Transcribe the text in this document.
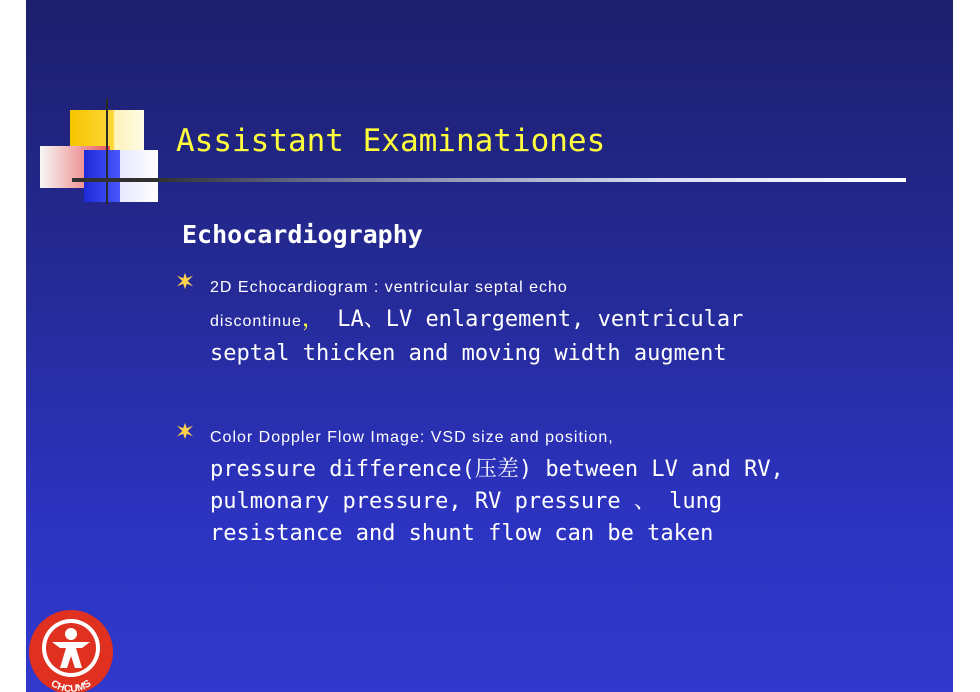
Assistant Examinationes
Echocardiography
2D Echocardiogram : ventricular septal echo
discontinue， LA、LV enlargement, ventricular
septal thicken and moving width augment
Color Doppler Flow Image: VSD size and position,
pressure difference(压差) between LV and RV,
pulmonary pressure, RV pressure 、 lung
resistance and shunt flow can be taken
CHCUMS
